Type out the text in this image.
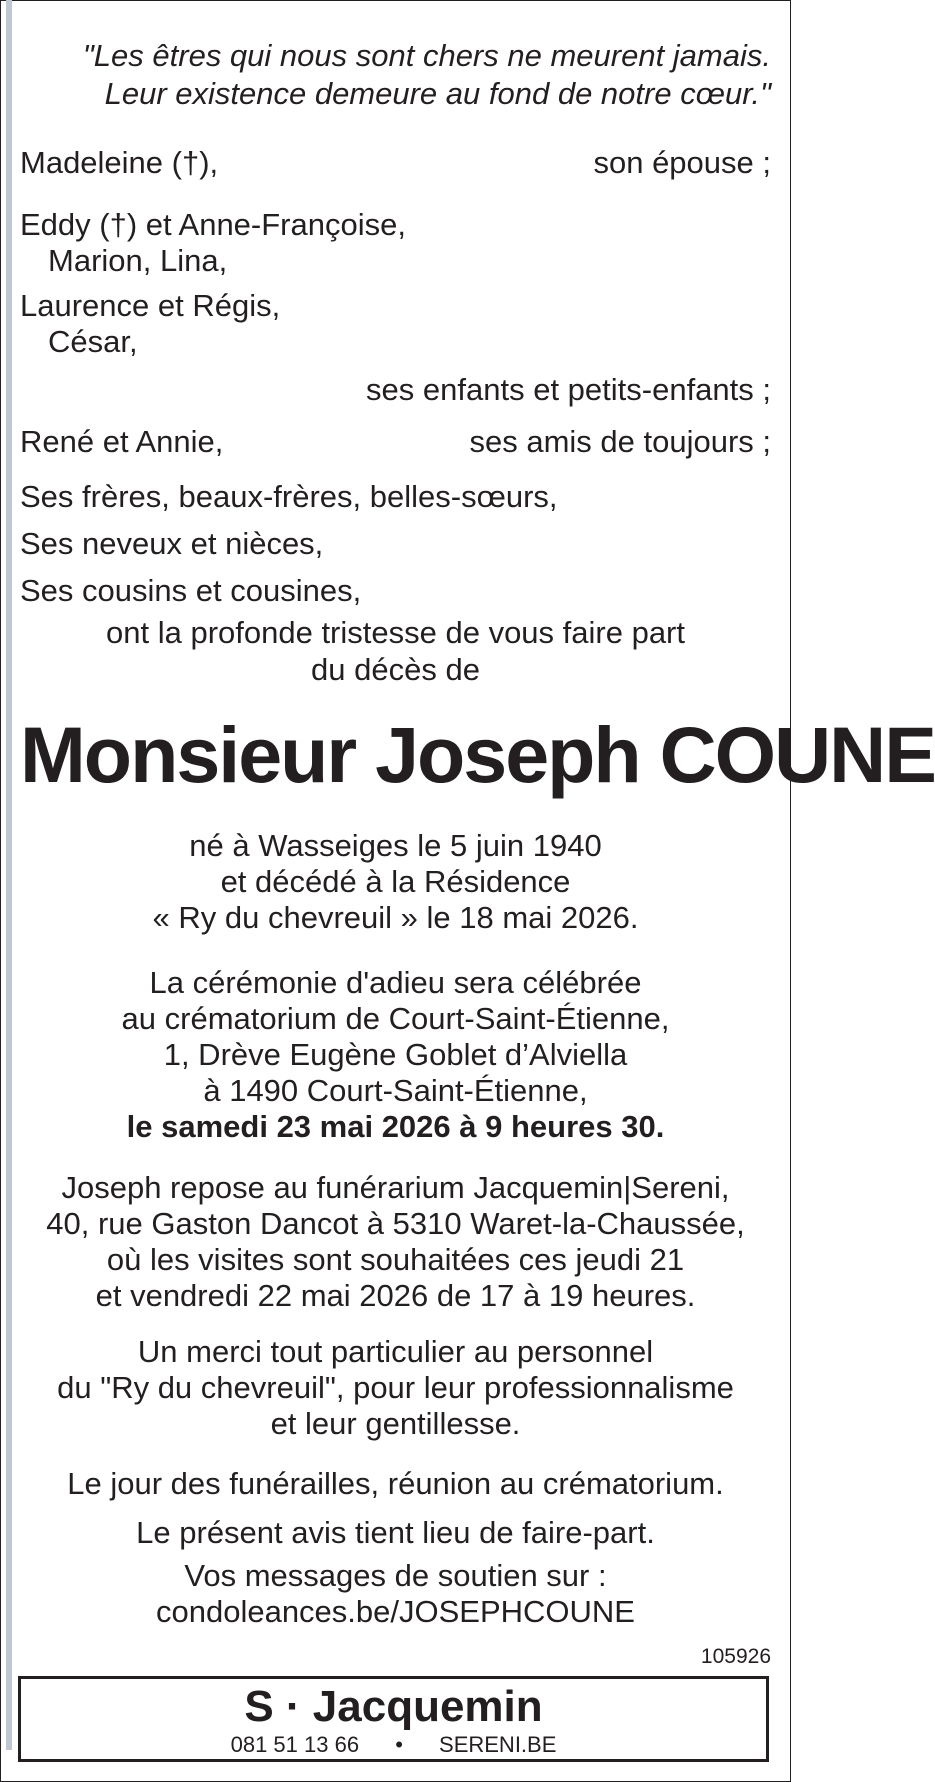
"Les êtres qui nous sont chers ne meurent jamais.
Leur existence demeure au fond de notre cœur."
Madeleine (†),	son épouse ;
Eddy (†) et Anne-Françoise,
Marion, Lina,
Laurence et Régis,
César,
ses enfants et petits-enfants ;
René et Annie,	ses amis de toujours ;
Ses frères, beaux-frères, belles-sœurs,
Ses neveux et nièces,
Ses cousins et cousines,
ont la profonde tristesse de vous faire part
du décès de
Monsieur Joseph COUNE
né à Wasseiges le 5 juin 1940
et décédé à la Résidence
« Ry du chevreuil » le 18 mai 2026.
La cérémonie d'adieu sera célébrée
au crématorium de Court-Saint-Étienne,
1, Drève Eugène Goblet d’Alviella
à 1490 Court-Saint-Étienne,
le samedi 23 mai 2026 à 9 heures 30.
Joseph repose au funérarium Jacquemin|Sereni,
40, rue Gaston Dancot à 5310 Waret-la-Chaussée,
où les visites sont souhaitées ces jeudi 21
et vendredi 22 mai 2026 de 17 à 19 heures.
Un merci tout particulier au personnel
du "Ry du chevreuil", pour leur professionnalisme
et leur gentillesse.
Le jour des funérailles, réunion au crématorium.
Le présent avis tient lieu de faire-part.
Vos messages de soutien sur :
condoleances.be/JOSEPHCOUNE
105926
S · Jacquemin
081 51 13 66 • SERENI.BE
